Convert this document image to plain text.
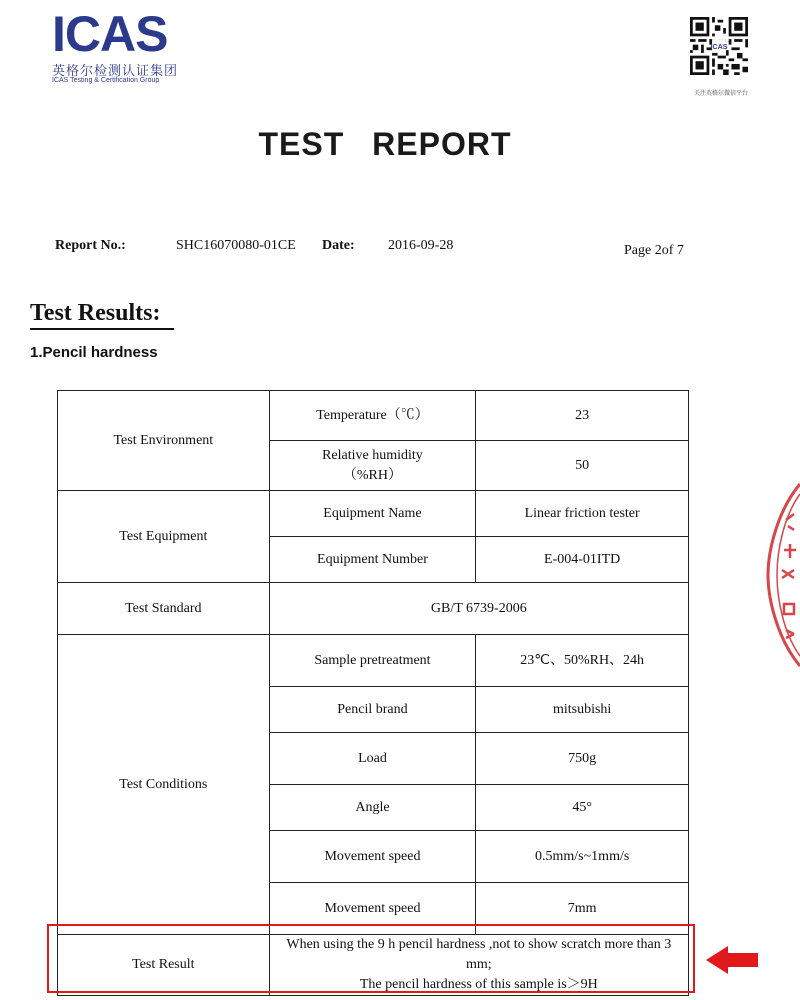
ICAS
英格尔检测认证集团
ICAS Testing & Certification Group
ICAS
关注英格尔微信平台
TEST REPORT
Report No.:	SHC16070080-01CE Date: 2016-09-28	Page 2of 7
Test Results:
1.Pencil hardness
Test Environment	Temperature（℃）	23

	Relative humidity
（%RH）	50
Test Equipment	Equipment Name	Linear friction tester
	Equipment Number	E-004-01ITD
Test Standard	GB/T 6739-2006	
Test Conditions	Sample pretreatment	23℃、50%RH、24h
	Pencil brand	mitsubishi
	Load	750g
	Angle	45°
	Movement speed	0.5mm/s~1mm/s
	Movement speed	7mm
Test Result	When using the 9 h pencil hardness ,not to show scratch more than 3 mm;
The pencil hardness of this sample is＞9H	
